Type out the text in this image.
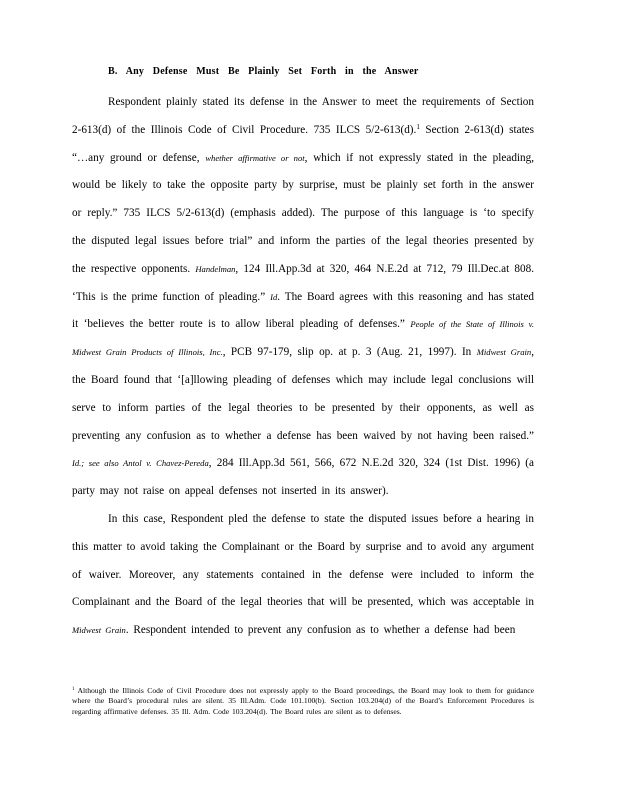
B. Any Defense Must Be Plainly Set Forth in the Answer

Respondent plainly stated its defense in the Answer to meet the requirements of Section 2-613(d) of the Illinois Code of Civil Procedure. 735 ILCS 5/2-613(d).$^1$ Section 2-613(d) states “…any ground or defense, whether affirmative or not, which if not expressly stated in the pleading, would be likely to take the opposite party by surprise, must be plainly set forth in the answer or reply.” 735 ILCS 5/2-613(d) (emphasis added). The purpose of this language is ‘to specify the disputed legal issues before trial” and inform the parties of the legal theories presented by the respective opponents. Handelman, 124 Ill.App.3d at 320, 464 N.E.2d at 712, 79 Ill.Dec.at 808. ‘This is the prime function of pleading.” Id. The Board agrees with this reasoning and has stated it ‘believes the better route is to allow liberal pleading of defenses.” People of the State of Illinois v. Midwest Grain Products of Illinois, Inc., PCB 97-179, slip op. at p. 3 (Aug. 21, 1997). In Midwest Grain, the Board found that ‘[a]llowing pleading of defenses which may include legal conclusions will serve to inform parties of the legal theories to be presented by their opponents, as well as preventing any confusion as to whether a defense has been waived by not having been raised.” Id.; see also Antol v. Chavez-Pereda, 284 Ill.App.3d 561, 566, 672 N.E.2d 320, 324 (1st Dist. 1996) (a party may not raise on appeal defenses not inserted in its answer).

In this case, Respondent pled the defense to state the disputed issues before a hearing in this matter to avoid taking the Complainant or the Board by surprise and to avoid any argument of waiver. Moreover, any statements contained in the defense were included to inform the Complainant and the Board of the legal theories that will be presented, which was acceptable in Midwest Grain. Respondent intended to prevent any confusion as to whether a defense had been

$^1$ Although the Illinois Code of Civil Procedure does not expressly apply to the Board proceedings, the Board may look to them for guidance where the Board’s procedural rules are silent. 35 Ill.Adm. Code 101.100(b). Section 103.204(d) of the Board’s Enforcement Procedures is regarding affirmative defenses. 35 Ill. Adm. Code 103.204(d). The Board rules are silent as to defenses.
